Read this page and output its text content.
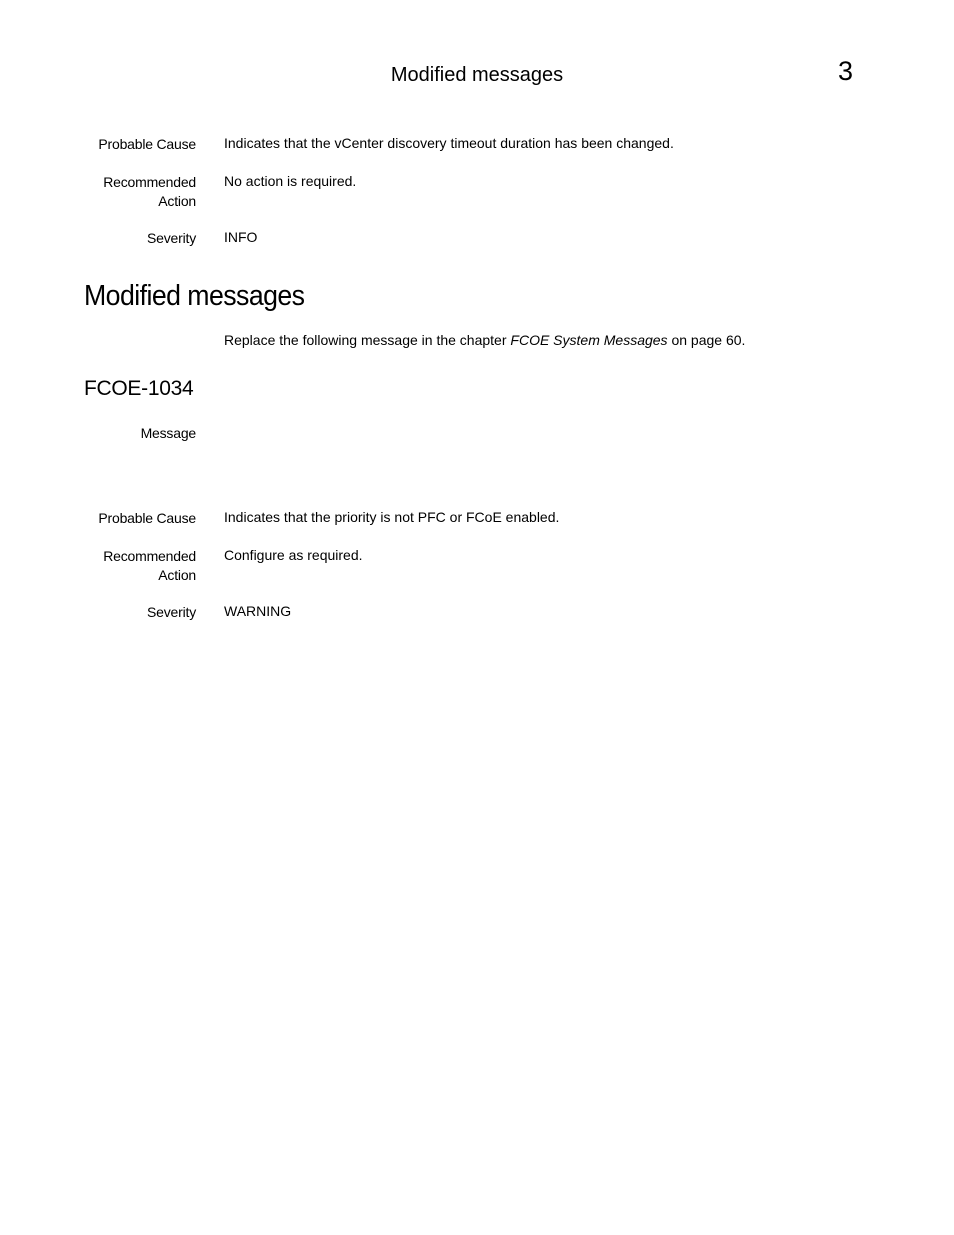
Modified messages	3
Probable Cause Indicates that the vCenter discovery timeout duration has been changed.
Recommended
Action
No action is required.
Severity INFO
Modified messages
Replace the following message in the chapter FCOE System Messages on page 60.
FCOE-1034
Message
Probable Cause Indicates that the priority is not PFC or FCoE enabled.
Recommended
Action
Configure as required.
Severity WARNING
